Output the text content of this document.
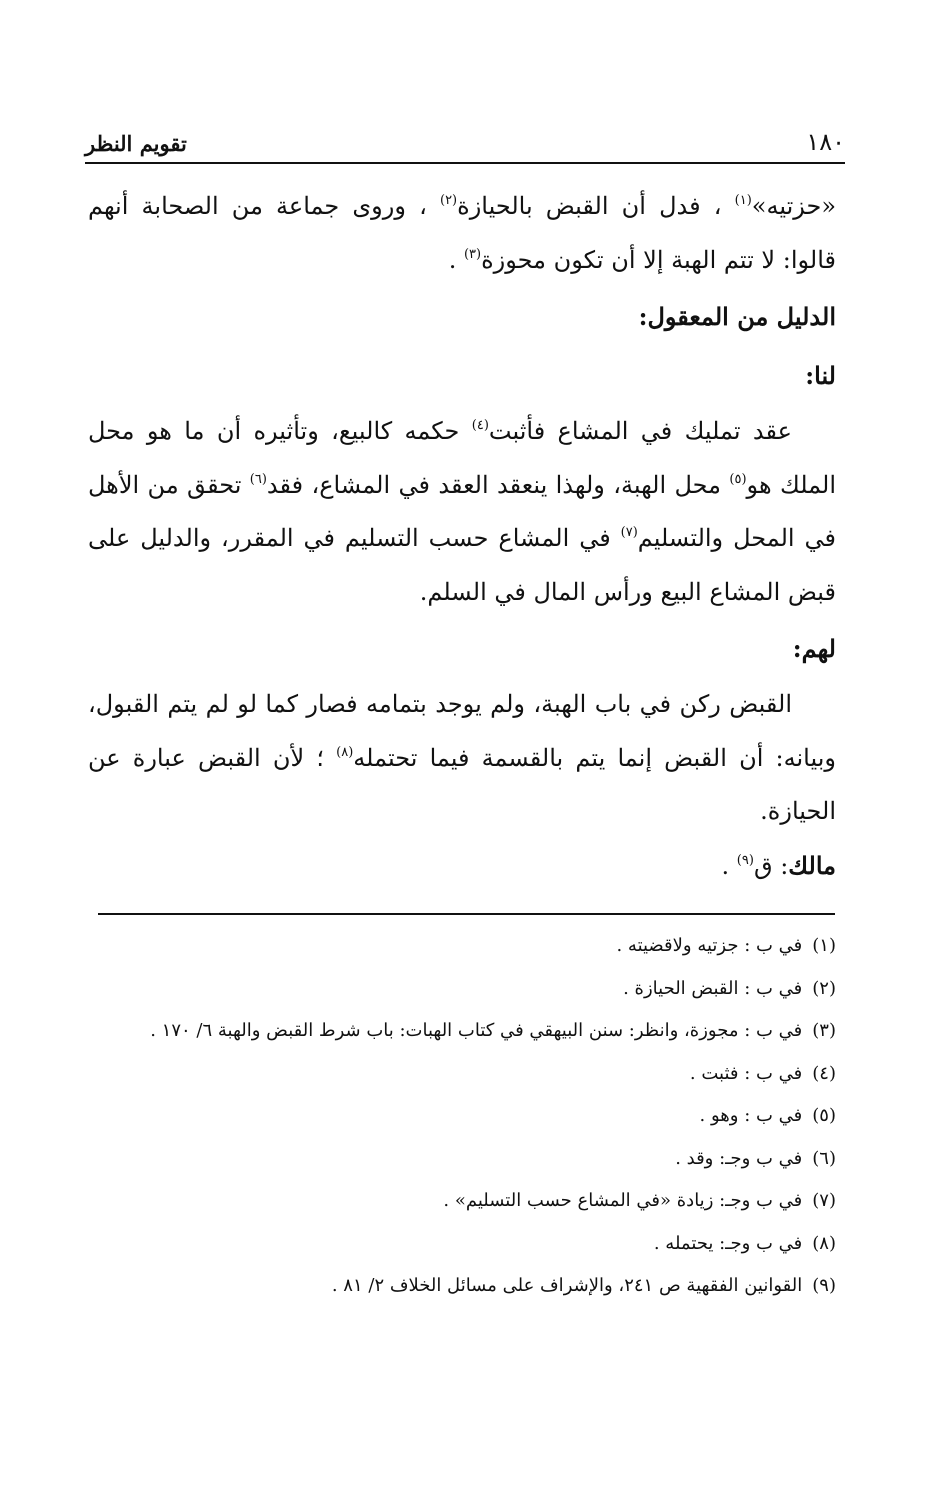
تقويم النظر	١٨٠

«حزتيه»$^{(١)}$ ، فدل أن القبض بالحيازة$^{(٢)}$ ، وروى جماعة من الصحابة أنهم قالوا: لا تتم الهبة إلا أن تكون محوزة$^{(٣)}$ .

الدليل من المعقول:
لنا:

عقد تمليك في المشاع فأثبت$^{(٤)}$ حكمه كالبيع، وتأثيره أن ما هو محل الملك هو$^{(٥)}$ محل الهبة، ولهذا ينعقد العقد في المشاع، فقد$^{(٦)}$ تحقق من الأهل في المحل والتسليم$^{(٧)}$ في المشاع حسب التسليم في المقرر، والدليل على قبض المشاع البيع ورأس المال في السلم.

لهم:

القبض ركن في باب الهبة، ولم يوجد بتمامه فصار كما لو لم يتم القبول، وبيانه: أن القبض إنما يتم بالقسمة فيما تحتمله$^{(٨)}$ ؛ لأن القبض عبارة عن الحيازة.

مالك: ق$^{(٩)}$ .

(١)
في ب : جزتيه ولاقضيته .
(٢)
في ب : القبض الحيازة .
(٣)
في ب : مجوزة، وانظر: سنن البيهقي في كتاب الهبات: باب شرط القبض والهبة ٦/ ١٧٠ .
(٤)
في ب : فثبت .
(٥)
في ب : وهو .
(٦)
في ب وجـ: وقد .
(٧)
في ب وجـ: زيادة «في المشاع حسب التسليم» .
(٨)
في ب وجـ: يحتمله .
(٩)
القوانين الفقهية ص ٢٤١، والإشراف على مسائل الخلاف ٢/ ٨١ .
